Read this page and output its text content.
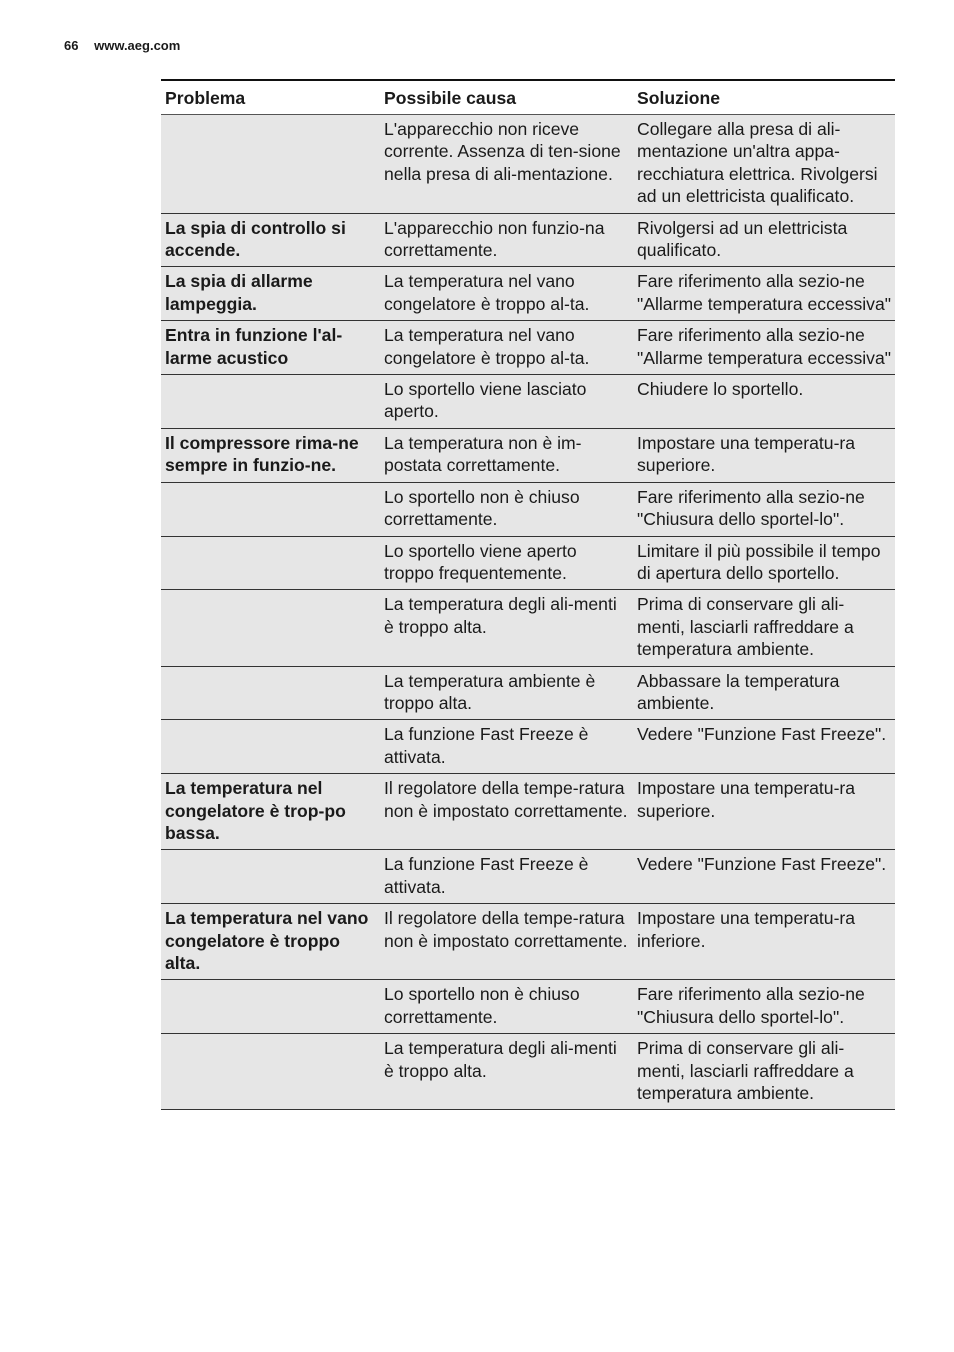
66 www.aeg.com
Problema	Possibile causa	Soluzione
	L'apparecchio non riceve corrente. Assenza di ten-sione nella presa di ali-mentazione.	Collegare alla presa di ali-mentazione un'altra appa-recchiatura elettrica. Rivolgersi ad un elettricista qualificato.
La spia di controllo si accende.	L'apparecchio non funzio-na correttamente.	Rivolgersi ad un elettricista qualificato.
La spia di allarme lampeggia.	La temperatura nel vano congelatore è troppo al-ta.	Fare riferimento alla sezio-ne "Allarme temperatura eccessiva"
Entra in funzione l'al-larme acustico	La temperatura nel vano congelatore è troppo al-ta.	Fare riferimento alla sezio-ne "Allarme temperatura eccessiva"
	Lo sportello viene lasciato aperto.	Chiudere lo sportello.
Il compressore rima-ne sempre in funzio-ne.	La temperatura non è im-postata correttamente.	Impostare una temperatu-ra superiore.
	Lo sportello non è chiuso correttamente.	Fare riferimento alla sezio-ne "Chiusura dello sportel-lo".
	Lo sportello viene aperto troppo frequentemente.	Limitare il più possibile il tempo di apertura dello sportello.
	La temperatura degli ali-menti è troppo alta.	Prima di conservare gli ali-menti, lasciarli raffreddare a temperatura ambiente.
	La temperatura ambiente è troppo alta.	Abbassare la temperatura ambiente.
	La funzione Fast Freeze è attivata.	Vedere "Funzione Fast Freeze".
La temperatura nel congelatore è trop-po bassa.	Il regolatore della tempe-ratura non è impostato correttamente.	Impostare una temperatu-ra superiore.
	La funzione Fast Freeze è attivata.	Vedere "Funzione Fast Freeze".
La temperatura nel vano congelatore è troppo alta.	Il regolatore della tempe-ratura non è impostato correttamente.	Impostare una temperatu-ra inferiore.
	Lo sportello non è chiuso correttamente.	Fare riferimento alla sezio-ne "Chiusura dello sportel-lo".
	La temperatura degli ali-menti è troppo alta.	Prima di conservare gli ali-menti, lasciarli raffreddare a temperatura ambiente.
